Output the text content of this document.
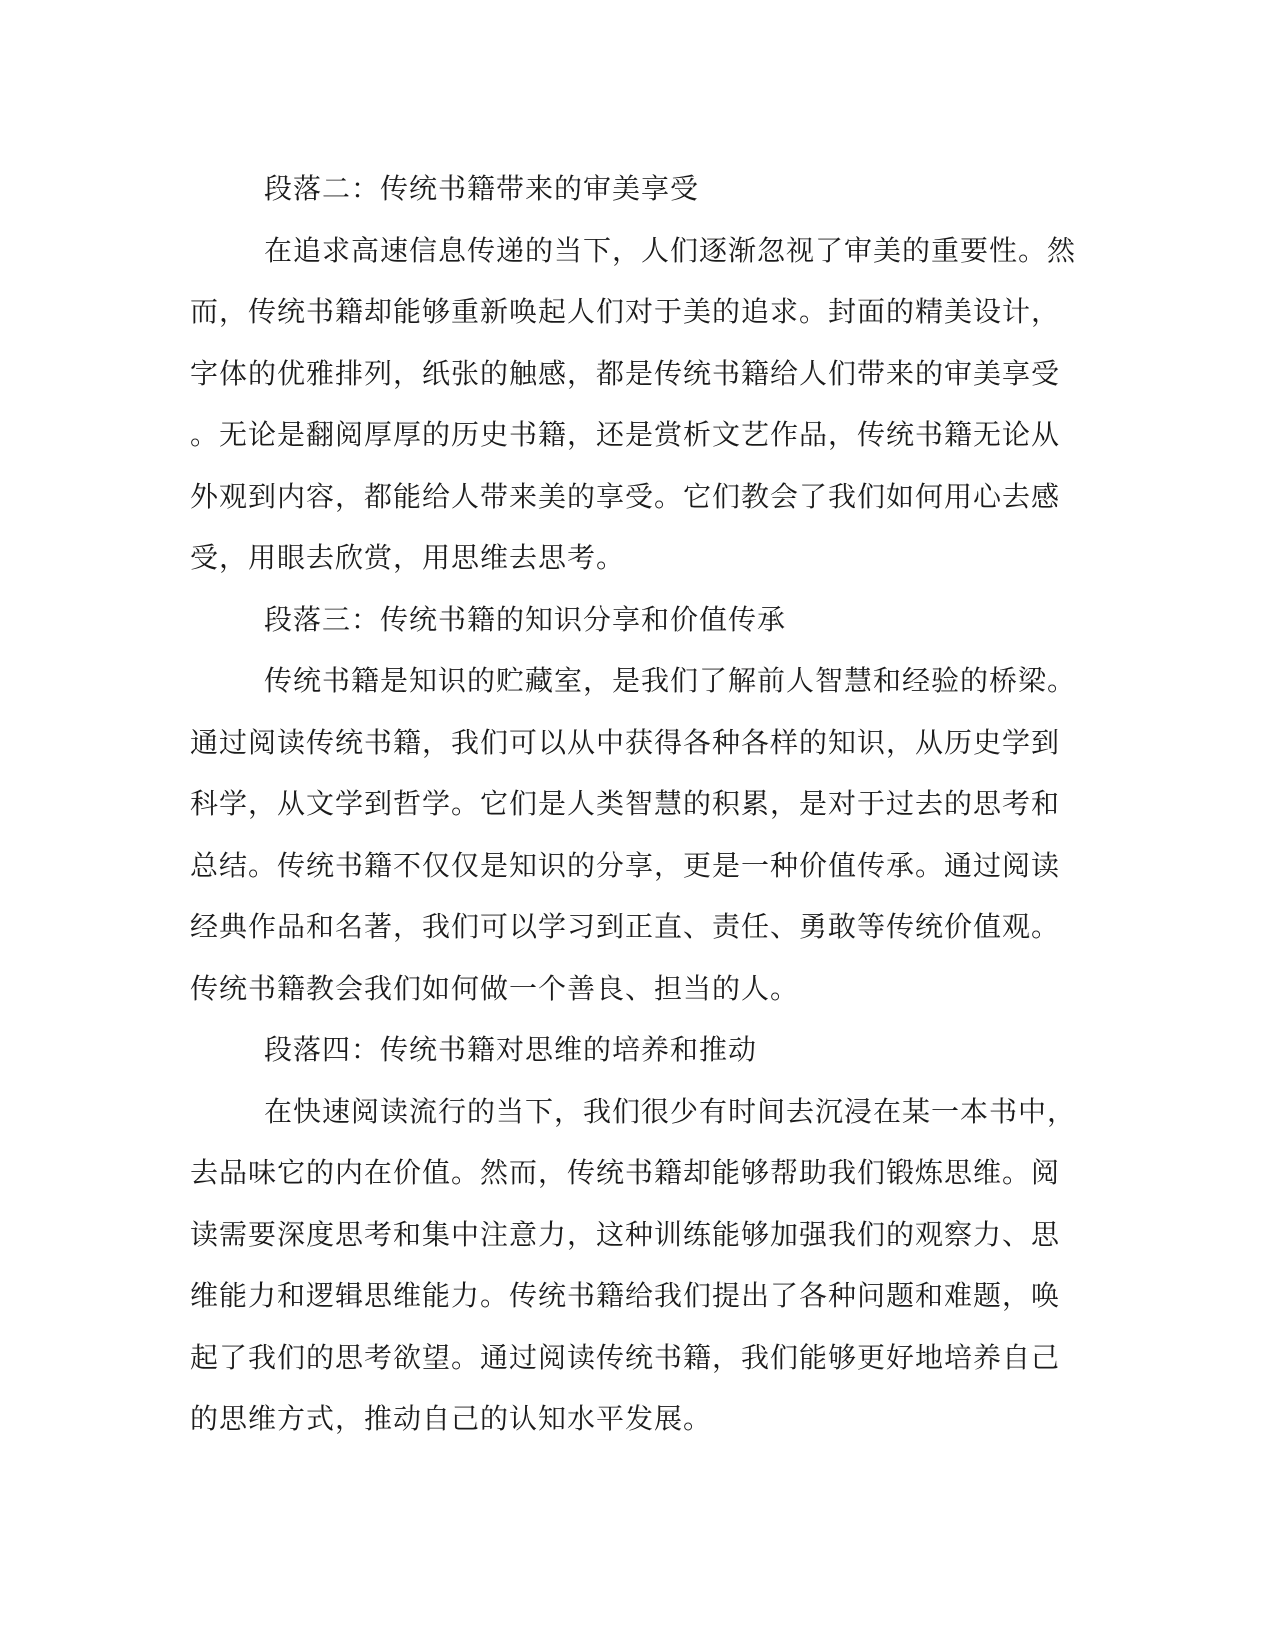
段落二：传统书籍带来的审美享受
在追求高速信息传递的当下，人们逐渐忽视了审美的重要性。然
而，传统书籍却能够重新唤起人们对于美的追求。封面的精美设计，
字体的优雅排列，纸张的触感，都是传统书籍给人们带来的审美享受
。无论是翻阅厚厚的历史书籍，还是赏析文艺作品，传统书籍无论从
外观到内容，都能给人带来美的享受。它们教会了我们如何用心去感
受，用眼去欣赏，用思维去思考。
段落三：传统书籍的知识分享和价值传承
传统书籍是知识的贮藏室，是我们了解前人智慧和经验的桥梁。
通过阅读传统书籍，我们可以从中获得各种各样的知识，从历史学到
科学，从文学到哲学。它们是人类智慧的积累，是对于过去的思考和
总结。传统书籍不仅仅是知识的分享，更是一种价值传承。通过阅读
经典作品和名著，我们可以学习到正直、责任、勇敢等传统价值观。
传统书籍教会我们如何做一个善良、担当的人。
段落四：传统书籍对思维的培养和推动
在快速阅读流行的当下，我们很少有时间去沉浸在某一本书中，
去品味它的内在价值。然而，传统书籍却能够帮助我们锻炼思维。阅
读需要深度思考和集中注意力，这种训练能够加强我们的观察力、思
维能力和逻辑思维能力。传统书籍给我们提出了各种问题和难题，唤
起了我们的思考欲望。通过阅读传统书籍，我们能够更好地培养自己
的思维方式，推动自己的认知水平发展。
